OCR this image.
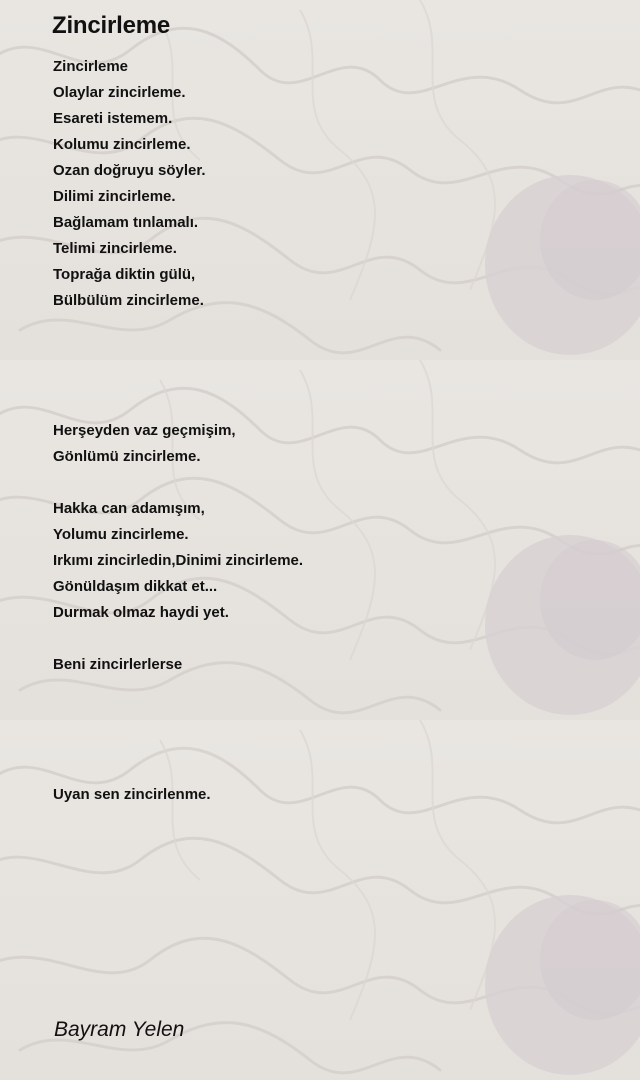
Zincirleme
Zincirleme
Olaylar zincirleme.
Esareti istemem.
Kolumu zincirleme.
Ozan doğruyu söyler.
Dilimi zincirleme.
Bağlamam tınlamalı.
Telimi zincirleme.
Toprağa diktin gülü,
Bülbülüm zincirleme.
Herşeyden vaz geçmişim,
Gönlümü zincirleme.
Hakka can adamışım,
Yolumu zincirleme.
Irkımı zincirledin,Dinimi zincirleme.
Gönüldaşım dikkat et...
Durmak olmaz haydi yet.
Beni zincirlerlerse
Uyan sen zincirlenme.
Bayram Yelen
